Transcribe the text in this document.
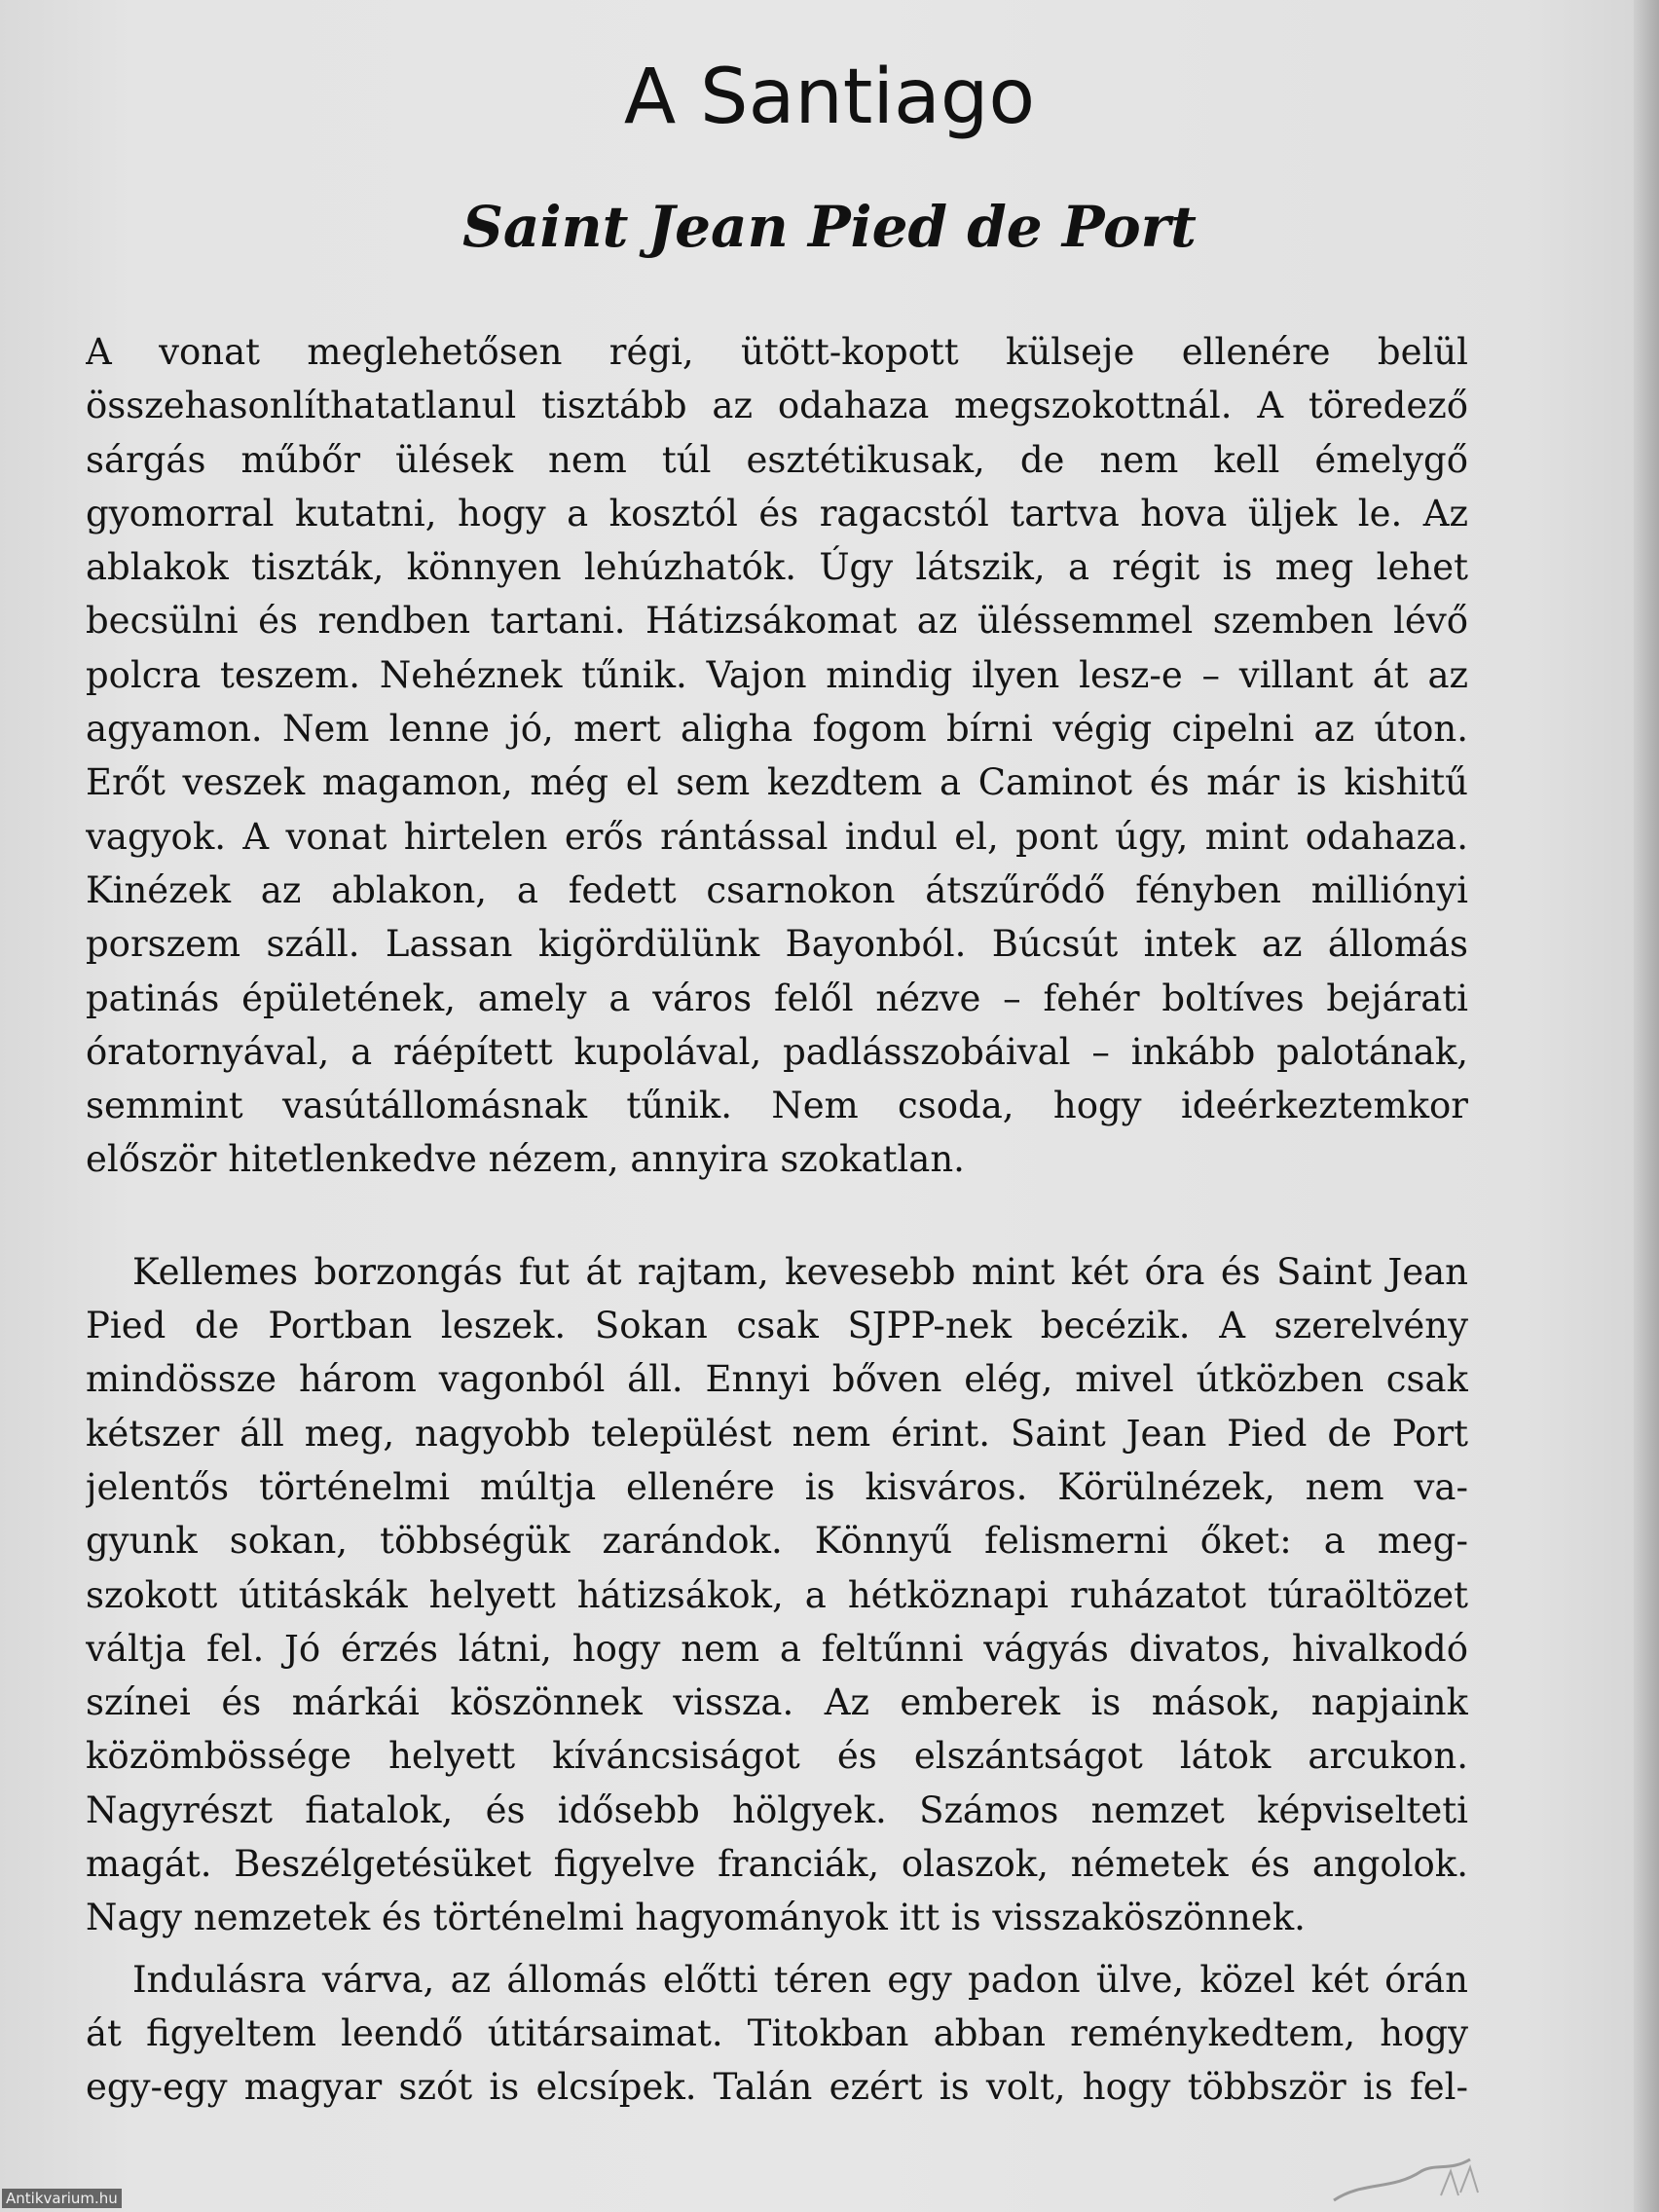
A Santiago
Saint Jean Pied de Port

A vonat meglehetősen régi, ütött-kopott külseje ellenére belül
összehasonlíthatatlanul tisztább az odahaza megszokottnál. A töredező
sárgás műbőr ülések nem túl esztétikusak, de nem kell émelygő
gyomorral kutatni, hogy a kosztól és ragacstól tartva hova üljek le. Az
ablakok tiszták, könnyen lehúzhatók. Úgy látszik, a régit is meg lehet
becsülni és rendben tartani. Hátizsákomat az üléssemmel szemben lévő
polcra teszem. Nehéznek tűnik. Vajon mindig ilyen lesz-e – villant át az
agyamon. Nem lenne jó, mert aligha fogom bírni végig cipelni az úton.
Erőt veszek magamon, még el sem kezdtem a Caminot és már is kishitű
vagyok. A vonat hirtelen erős rántással indul el, pont úgy, mint odahaza.
Kinézek az ablakon, a fedett csarnokon átszűrődő fényben milliónyi
porszem száll. Lassan kigördülünk Bayonból. Búcsút intek az állomás
patinás épületének, amely a város felől nézve – fehér boltíves bejárati
óratornyával, a ráépített kupolával, padlásszobáival – inkább palotának,
semmint vasútállomásnak tűnik. Nem csoda, hogy ideérkeztemkor
először hitetlenkedve nézem, annyira szokatlan.

Kellemes borzongás fut át rajtam, kevesebb mint két óra és Saint Jean
Pied de Portban leszek. Sokan csak SJPP-nek becézik. A szerelvény
mindössze három vagonból áll. Ennyi bőven elég, mivel útközben csak
kétszer áll meg, nagyobb települést nem érint. Saint Jean Pied de Port
jelentős történelmi múltja ellenére is kisváros. Körülnézek, nem va-
gyunk sokan, többségük zarándok. Könnyű felismerni őket: a meg-
szokott útitáskák helyett hátizsákok, a hétköznapi ruházatot túraöltözet
váltja fel. Jó érzés látni, hogy nem a feltűnni vágyás divatos, hivalkodó
színei és márkái köszönnek vissza. Az emberek is mások, napjaink
közömbössége helyett kíváncsiságot és elszántságot látok arcukon.
Nagyrészt fiatalok, és idősebb hölgyek. Számos nemzet képviselteti
magát. Beszélgetésüket figyelve franciák, olaszok, németek és angolok.
Nagy nemzetek és történelmi hagyományok itt is visszaköszönnek.

Indulásra várva, az állomás előtti téren egy padon ülve, közel két órán
át figyeltem leendő útitársaimat. Titokban abban reménykedtem, hogy
egy-egy magyar szót is elcsípek. Talán ezért is volt, hogy többször is fel-

Antikvarium.hu
